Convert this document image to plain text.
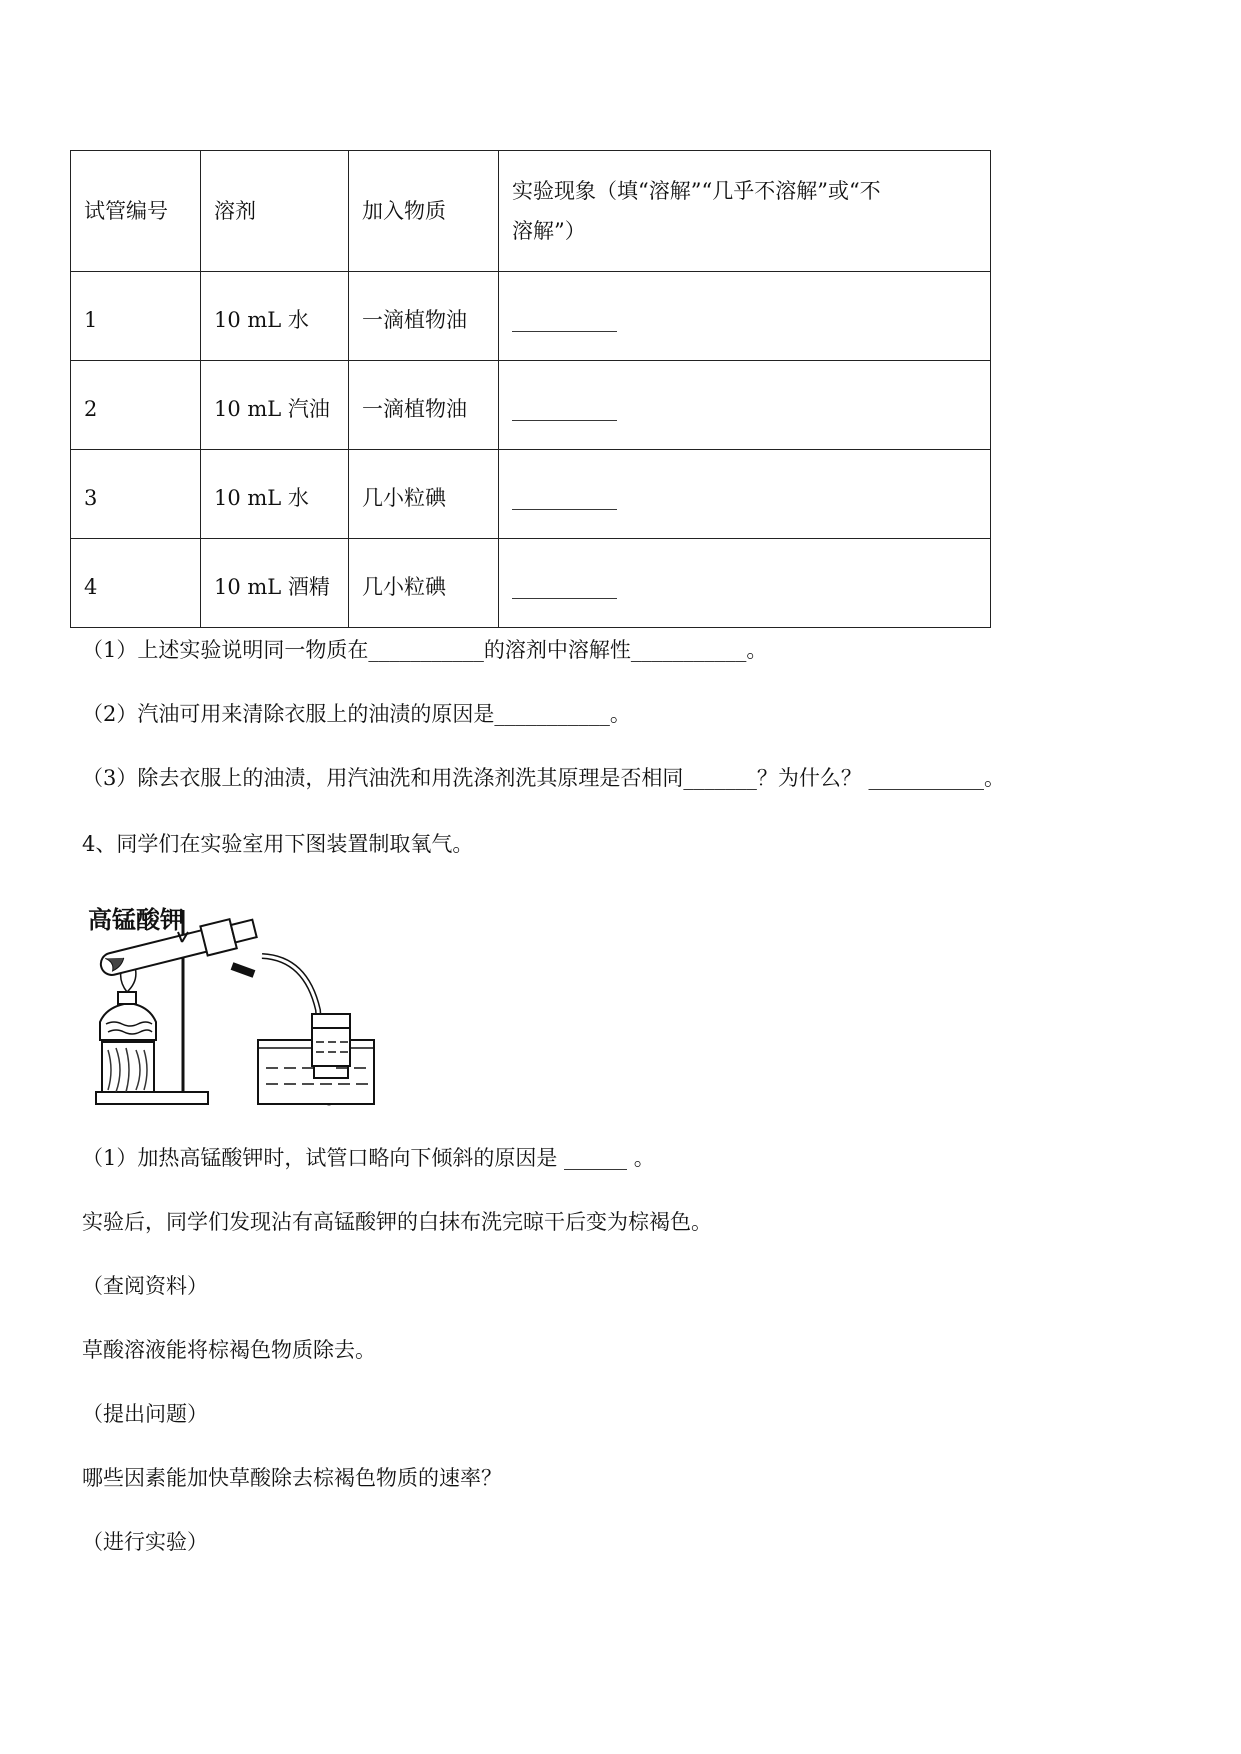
试管编号	溶剂	加入物质	实验现象（填“溶解”“几乎不溶解”或“不
溶解”）

1	10 mL 水	一滴植物油	__________
2	10 mL 汽油	一滴植物油	__________
3	10 mL 水	几小粒碘	__________
4	10 mL 酒精	几小粒碘	__________
（1）上述实验说明同一物质在___________的溶剂中溶解性___________。
（2）汽油可用来清除衣服上的油渍的原因是___________。
（3）除去衣服上的油渍，用汽油洗和用洗涤剂洗其原理是否相同_______？为什么？ ___________。
4、同学们在实验室用下图装置制取氧气。
高锰酸钾
（1）加热高锰酸钾时，试管口略向下倾斜的原因是 ______ 。
实验后，同学们发现沾有高锰酸钾的白抹布洗完晾干后变为棕褐色。
（查阅资料）
草酸溶液能将棕褐色物质除去。
（提出问题）
哪些因素能加快草酸除去棕褐色物质的速率？
（进行实验）
